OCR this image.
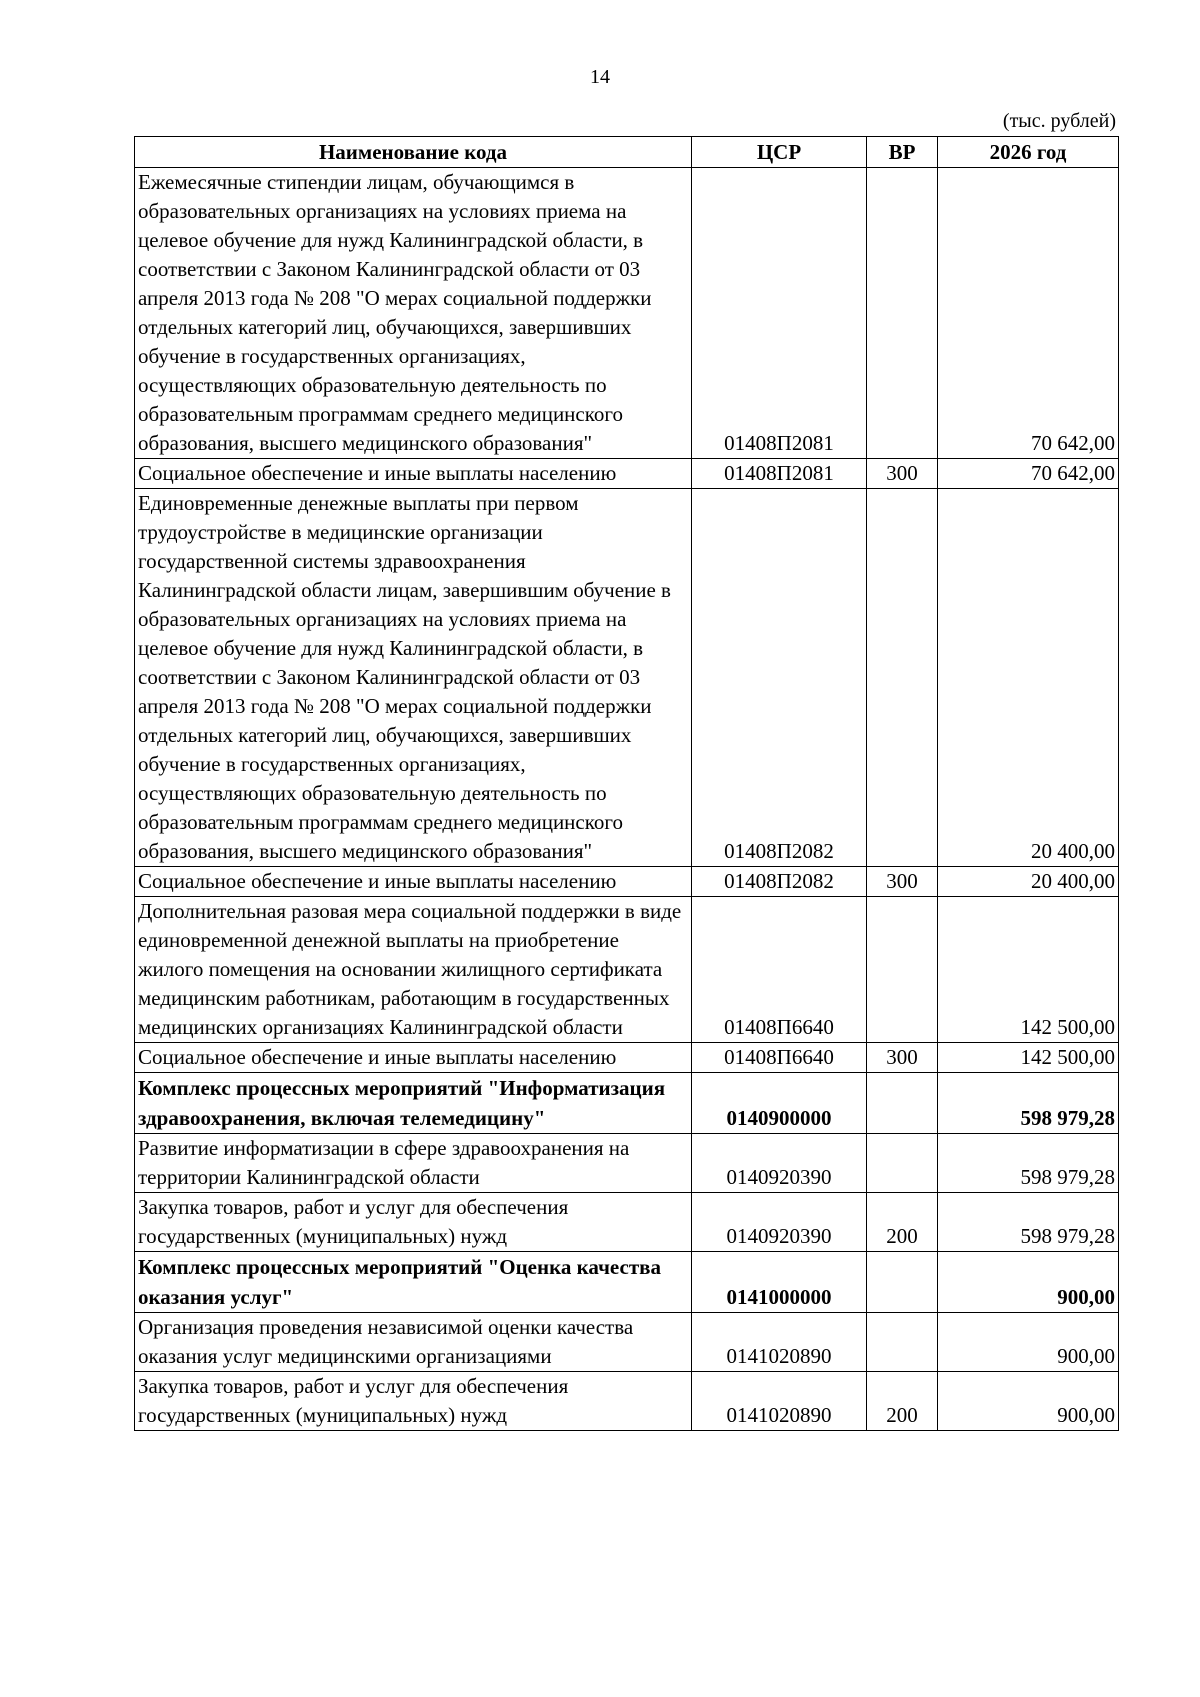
14
(тыс. рублей)
Наименование кода	ЦСР	ВР	2026 год
Ежемесячные стипендии лицам, обучающимся в образовательных организациях на условиях приема на целевое обучение для нужд Калининградской области, в соответствии с Законом Калининградской области от 03 апреля 2013 года № 208 "О мерах социальной поддержки отдельных категорий лиц, обучающихся, завершивших обучение в государственных организациях, осуществляющих образовательную деятельность по образовательным программам среднего медицинского образования, высшего медицинского образования"	01408П2081		70 642,00
Социальное обеспечение и иные выплаты населению	01408П2081	300	70 642,00
Единовременные денежные выплаты при первом трудоустройстве в медицинские организации государственной системы здравоохранения Калининградской области лицам, завершившим обучение в образовательных организациях на условиях приема на целевое обучение для нужд Калининградской области, в соответствии с Законом Калининградской области от 03 апреля 2013 года № 208 "О мерах социальной поддержки отдельных категорий лиц, обучающихся, завершивших обучение в государственных организациях, осуществляющих образовательную деятельность по образовательным программам среднего медицинского образования, высшего медицинского образования"	01408П2082		20 400,00
Социальное обеспечение и иные выплаты населению	01408П2082	300	20 400,00
Дополнительная разовая мера социальной поддержки в виде единовременной денежной выплаты на приобретение жилого помещения на основании жилищного сертификата медицинским работникам, работающим в государственных медицинских организациях Калининградской области	01408П6640		142 500,00
Социальное обеспечение и иные выплаты населению	01408П6640	300	142 500,00
Комплекс процессных мероприятий "Информатизация здравоохранения, включая телемедицину"	0140900000		598 979,28
Развитие информатизации в сфере здравоохранения на территории Калининградской области	0140920390		598 979,28
Закупка товаров, работ и услуг для обеспечения государственных (муниципальных) нужд	0140920390	200	598 979,28
Комплекс процессных мероприятий "Оценка качества оказания услуг"	0141000000		900,00
Организация проведения независимой оценки качества оказания услуг медицинскими организациями	0141020890		900,00
Закупка товаров, работ и услуг для обеспечения государственных (муниципальных) нужд	0141020890	200	900,00
